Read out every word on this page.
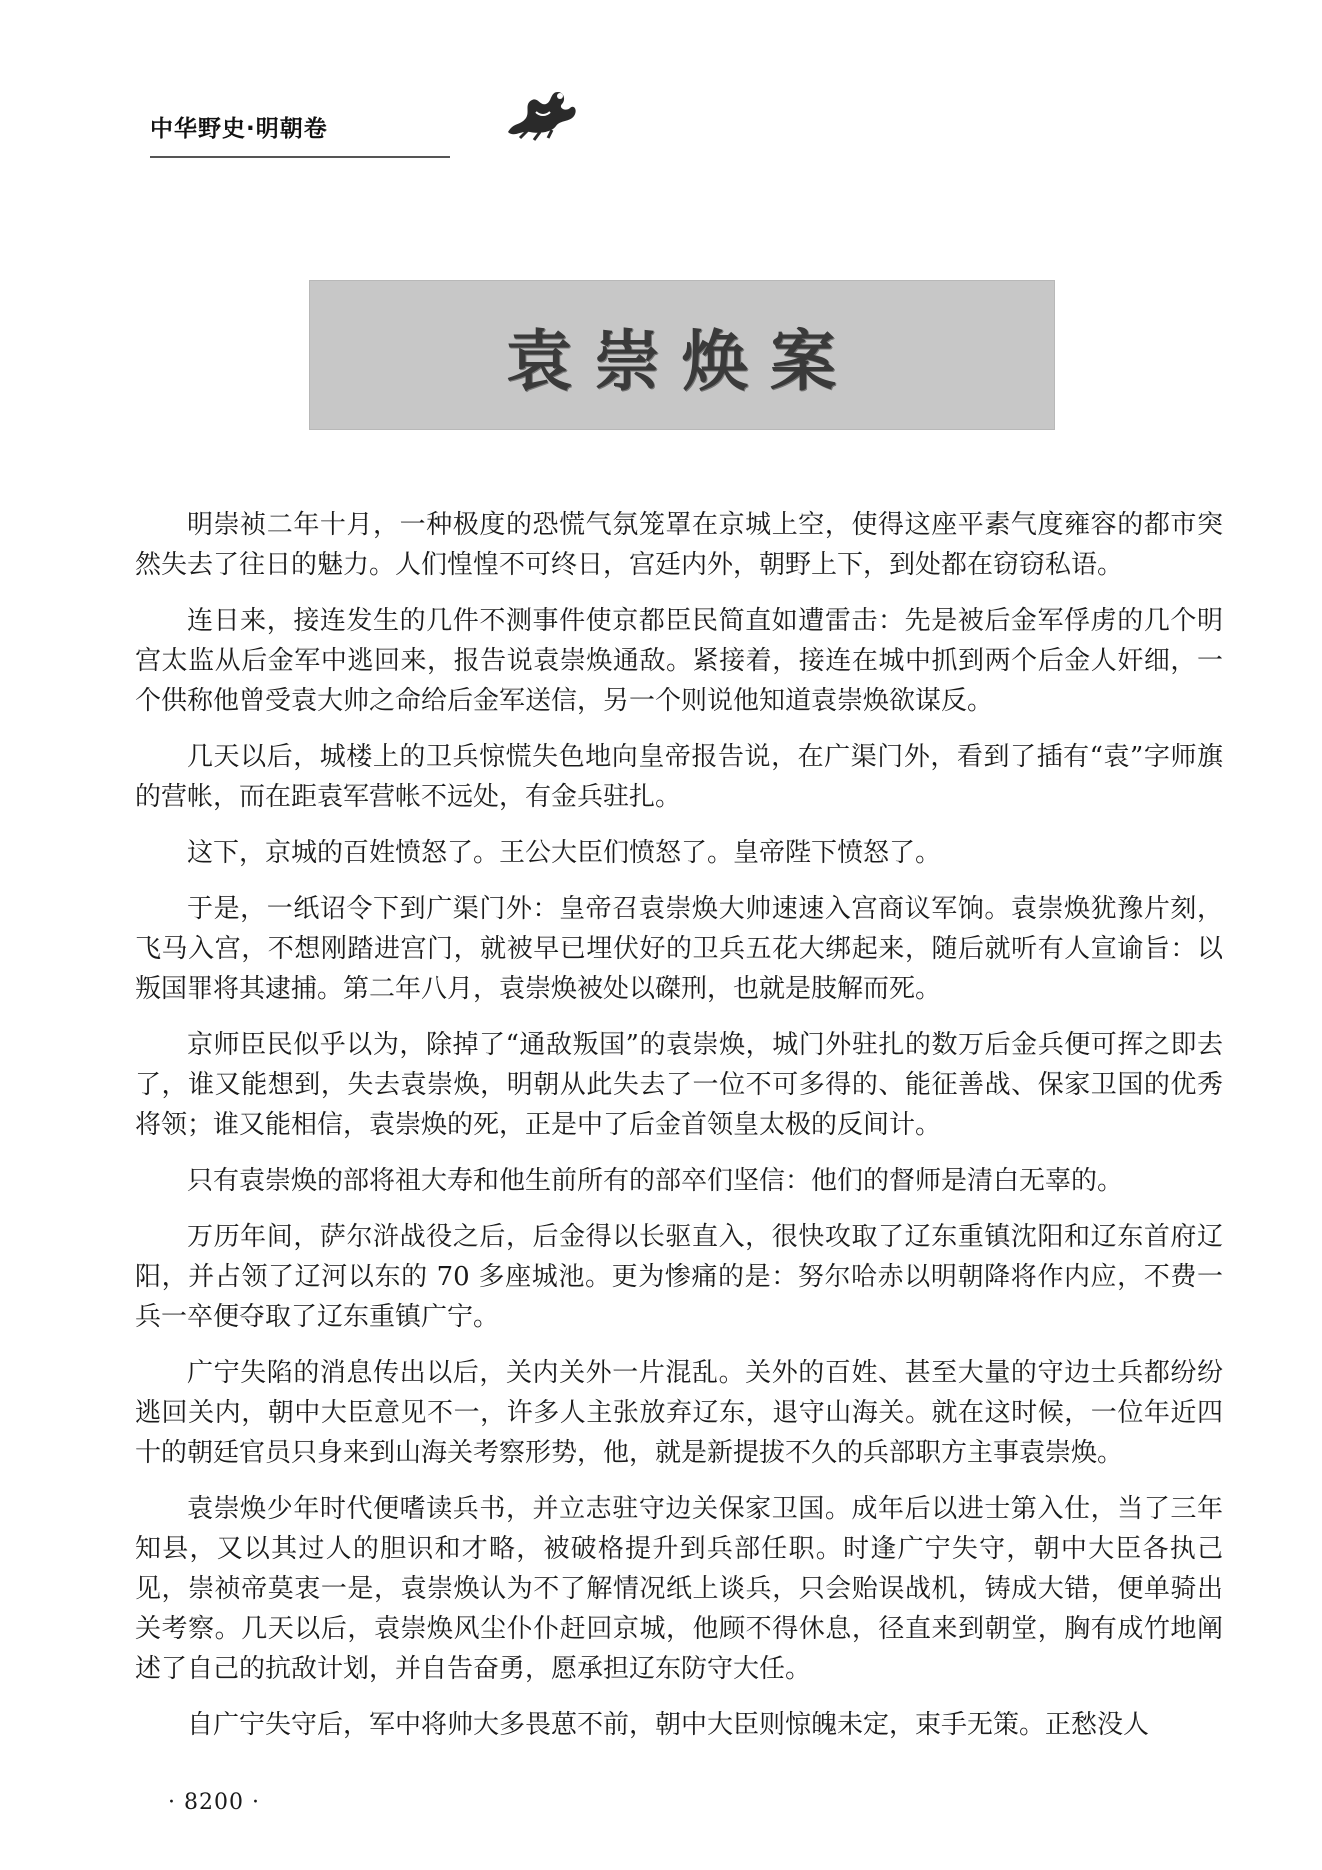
中华野史·明朝卷
袁崇焕案

明崇祯二年十月，一种极度的恐慌气氛笼罩在京城上空，使得这座平素气度雍容的都市突然失去了往日的魅力。人们惶惶不可终日，宫廷内外，朝野上下，到处都在窃窃私语。

连日来，接连发生的几件不测事件使京都臣民简直如遭雷击：先是被后金军俘虏的几个明宫太监从后金军中逃回来，报告说袁崇焕通敌。紧接着，接连在城中抓到两个后金人奸细，一个供称他曾受袁大帅之命给后金军送信，另一个则说他知道袁崇焕欲谋反。

几天以后，城楼上的卫兵惊慌失色地向皇帝报告说，在广渠门外，看到了插有“袁”字师旗的营帐，而在距袁军营帐不远处，有金兵驻扎。

这下，京城的百姓愤怒了。王公大臣们愤怒了。皇帝陛下愤怒了。

于是，一纸诏令下到广渠门外：皇帝召袁崇焕大帅速速入宫商议军饷。袁崇焕犹豫片刻，飞马入宫，不想刚踏进宫门，就被早已埋伏好的卫兵五花大绑起来，随后就听有人宣谕旨：以叛国罪将其逮捕。第二年八月，袁崇焕被处以磔刑，也就是肢解而死。

京师臣民似乎以为，除掉了“通敌叛国”的袁崇焕，城门外驻扎的数万后金兵便可挥之即去了，谁又能想到，失去袁崇焕，明朝从此失去了一位不可多得的、能征善战、保家卫国的优秀将领；谁又能相信，袁崇焕的死，正是中了后金首领皇太极的反间计。

只有袁崇焕的部将祖大寿和他生前所有的部卒们坚信：他们的督师是清白无辜的。

万历年间，萨尔浒战役之后，后金得以长驱直入，很快攻取了辽东重镇沈阳和辽东首府辽阳，并占领了辽河以东的 70 多座城池。更为惨痛的是：努尔哈赤以明朝降将作内应，不费一兵一卒便夺取了辽东重镇广宁。

广宁失陷的消息传出以后，关内关外一片混乱。关外的百姓、甚至大量的守边士兵都纷纷逃回关内，朝中大臣意见不一，许多人主张放弃辽东，退守山海关。就在这时候，一位年近四十的朝廷官员只身来到山海关考察形势，他，就是新提拔不久的兵部职方主事袁崇焕。

袁崇焕少年时代便嗜读兵书，并立志驻守边关保家卫国。成年后以进士第入仕，当了三年知县，又以其过人的胆识和才略，被破格提升到兵部任职。时逢广宁失守，朝中大臣各执己见，崇祯帝莫衷一是，袁崇焕认为不了解情况纸上谈兵，只会贻误战机，铸成大错，便单骑出关考察。几天以后，袁崇焕风尘仆仆赶回京城，他顾不得休息，径直来到朝堂，胸有成竹地阐述了自己的抗敌计划，并自告奋勇，愿承担辽东防守大任。

自广宁失守后，军中将帅大多畏葸不前，朝中大臣则惊魄未定，束手无策。正愁没人

· 8200 ·
